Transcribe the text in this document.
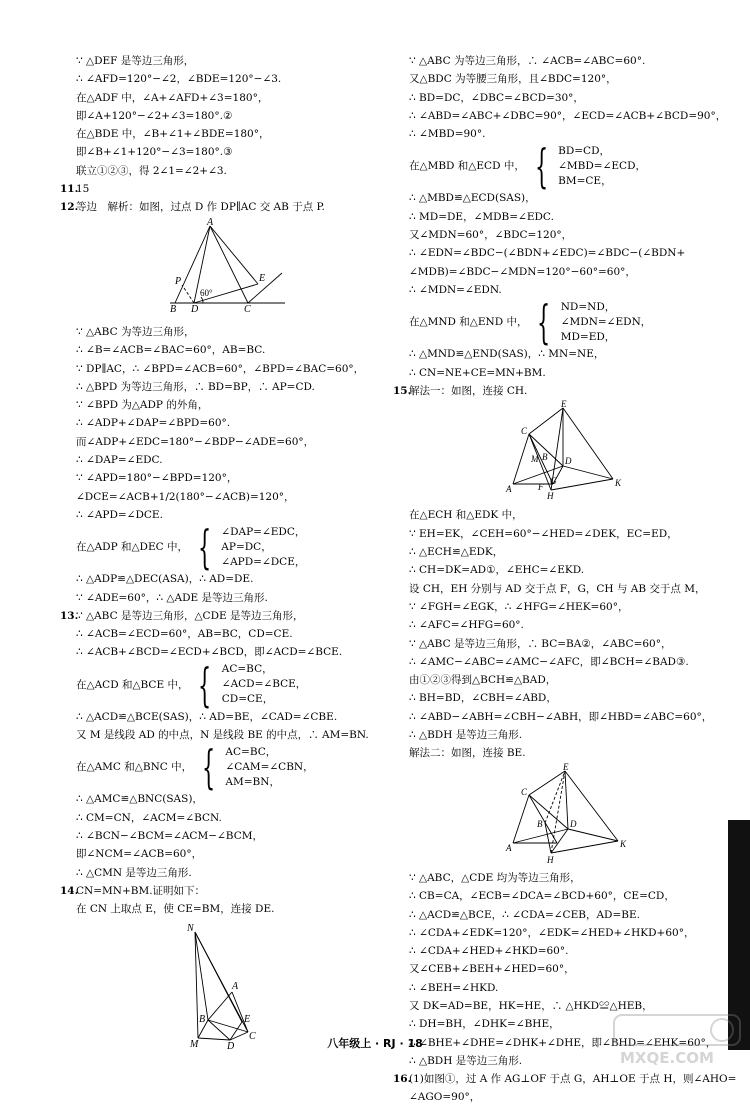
∵ △DEF 是等边三角形，
∴ ∠AFD=120°−∠2，∠BDE=120°−∠3.
在△ADF 中，∠A+∠AFD+∠3=180°，
即∠A+120°−∠2+∠3=180°.②
在△BDE 中，∠B+∠1+∠BDE=180°，
即∠B+∠1+120°−∠3=180°.③
联立①②③，得 2∠1=∠2+∠3.
11.15
12.等边　解析：如图，过点 D 作 DP∥AC 交 AB 于点 P.
A
B D	C
P	E
60°
∵ △ABC 为等边三角形，
∴ ∠B=∠ACB=∠BAC=60°，AB=BC.
∵ DP∥AC，∴ ∠BPD=∠ACB=60°，∠BPD=∠BAC=60°，
∴ △BPD 为等边三角形，∴ BD=BP，∴ AP=CD.
∵ ∠BPD 为△ADP 的外角，
∴ ∠ADP+∠DAP=∠BPD=60°.
而∠ADP+∠EDC=180°−∠BDP−∠ADE=60°，
∴ ∠DAP=∠EDC.
∵ ∠APD=180°−∠BPD=120°，
∠DCE=∠ACB+1/2(180°−∠ACB)=120°，
∴ ∠APD=∠DCE.
在△ADP 和△DEC 中， { ∠DAP=∠EDC，
AP=DC，
∠APD=∠DCE，
∴ △ADP≌△DEC(ASA)，∴ AD=DE.
∵ ∠ADE=60°，∴ △ADE 是等边三角形.
13.∵ △ABC 是等边三角形，△CDE 是等边三角形，
∴ ∠ACB=∠ECD=60°，AB=BC，CD=CE.
∴ ∠ACB+∠BCD=∠ECD+∠BCD，即∠ACD=∠BCE.
在△ACD 和△BCE 中， { AC=BC，
∠ACD=∠BCE，
CD=CE，
∴ △ACD≌△BCE(SAS)，∴ AD=BE，∠CAD=∠CBE.
又 M 是线段 AD 的中点，N 是线段 BE 的中点，∴ AM=BN.
在△AMC 和△BNC 中， { AC=BC，
∠CAM=∠CBN，
AM=BN，
∴ △AMC≌△BNC(SAS)，
∴ CM=CN，∠ACM=∠BCN.
∴ ∠BCN−∠BCM=∠ACM−∠BCM，
即∠NCM=∠ACB=60°，
∴ △CMN 是等边三角形.
14.CN=MN+BM.证明如下：
在 CN 上取点 E，使 CE=BM，连接 DE.
N
A
B	E
C
M	D
∵ △ABC 为等边三角形，∴ ∠ACB=∠ABC=60°.
又△BDC 为等腰三角形，且∠BDC=120°，
∴ BD=DC，∠DBC=∠BCD=30°，
∴ ∠ABD=∠ABC+∠DBC=90°，∠ECD=∠ACB+∠BCD=90°，
∴ ∠MBD=90°.
在△MBD 和△ECD 中， { BD=CD，
∠MBD=∠ECD，
BM=CE，
∴ △MBD≌△ECD(SAS)，
∴ MD=DE，∠MDB=∠EDC.
又∠MDN=60°，∠BDC=120°，
∴ ∠EDN=∠BDC−(∠BDN+∠EDC)=∠BDC−(∠BDN+
∠MDB)=∠BDC−∠MDN=120°−60°=60°，
∴ ∠MDN=∠EDN.
在△MND 和△END 中， { ND=ND，
∠MDN=∠EDN，
MD=ED，
∴ △MND≌△END(SAS)，∴ MN=NE，
∴ CN=NE+CE=MN+BM.
15.解法一：如图，连接 CH.
E
C
M B D
A	F
G
H
K
在△ECH 和△EDK 中，
∵ EH=EK，∠CEH=60°−∠HED=∠DEK，EC=ED，
∴ △ECH≌△EDK，
∴ CH=DK=AD①，∠EHC=∠EKD.
设 CH，EH 分别与 AD 交于点 F，G，CH 与 AB 交于点 M，
∵ ∠FGH=∠EGK，∴ ∠HFG=∠HEK=60°，
∴ ∠AFC=∠HFG=60°.
∵ △ABC 是等边三角形，∴ BC=BA②，∠ABC=60°，
∴ ∠AMC−∠ABC=∠AMC−∠AFC，即∠BCH=∠BAD③.
由①②③得到△BCH≌△BAD，
∴ BH=BD，∠CBH=∠ABD，
∴ ∠ABD−∠ABH=∠CBH−∠ABH，即∠HBD=∠ABC=60°，
∴ △BDH 是等边三角形.
解法二：如图，连接 BE.
E
C
B	D
A
H
K
∵ △ABC，△CDE 均为等边三角形，
∴ CB=CA，∠ECB=∠DCA=∠BCD+60°，CE=CD，
∴ △ACD≌△BCE，∴ ∠CDA=∠CEB，AD=BE.
∴ ∠CDA+∠EDK=120°，∠EDK=∠HED+∠HKD+60°，
∴ ∠CDA+∠HED+∠HKD=60°.
又∠CEB+∠BEH+∠HED=60°，
∴ ∠BEH=∠HKD.
又 DK=AD=BE，HK=HE，∴ △HKD≌△HEB，
∴ DH=BH，∠DHK=∠BHE，
∴ ∠BHE+∠DHE=∠DHK+∠DHE，即∠BHD=∠EHK=60°，
∴ △BDH 是等边三角形.
16.(1)如图①，过 A 作 AG⊥OF 于点 G，AH⊥OE 于点 H，则∠AHO=
∠AGO=90°，
MXQE.COM
八年级上 · RJ · 18
